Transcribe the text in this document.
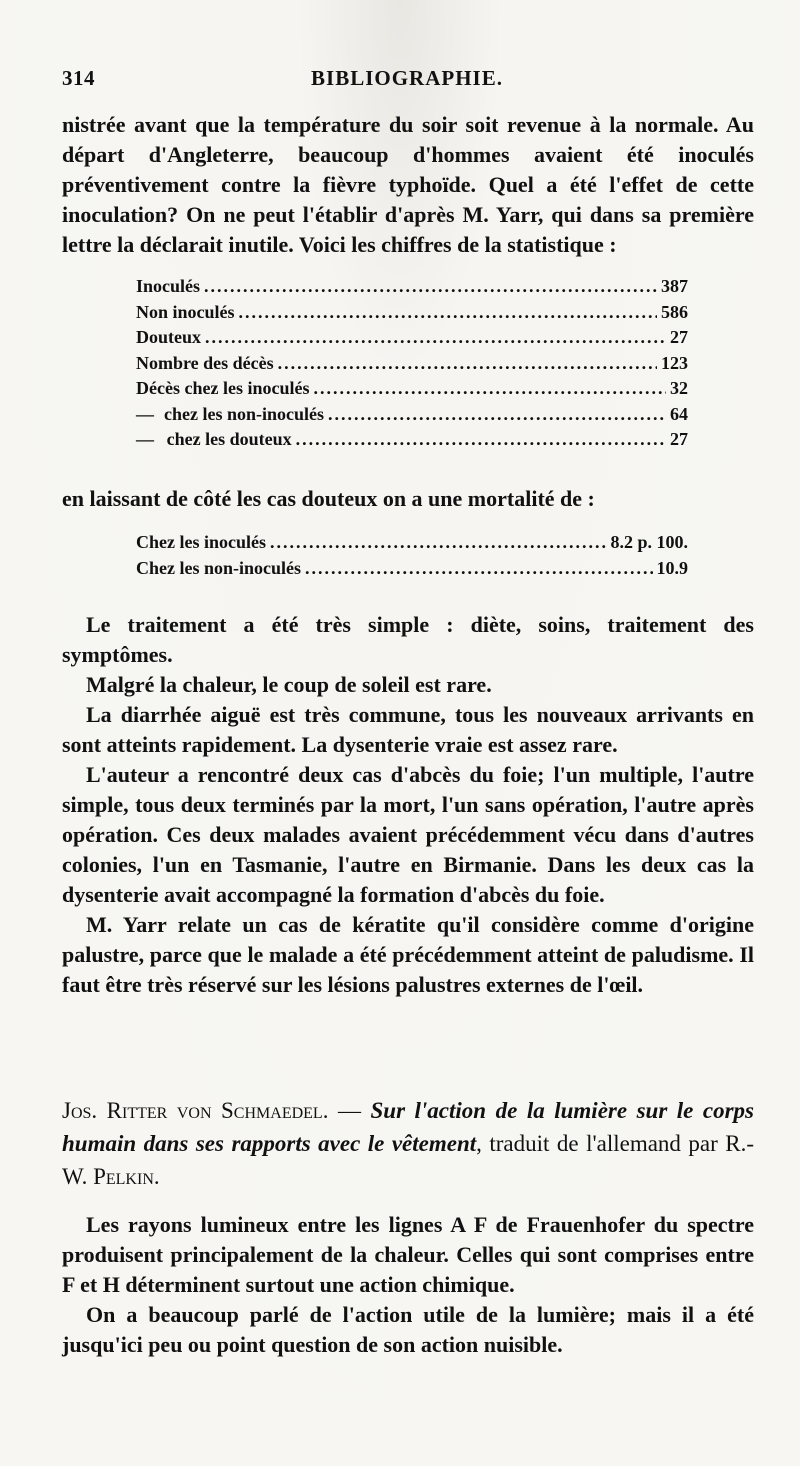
314	BIBLIOGRAPHIE.

nistrée avant que la température du soir soit revenue à la normale. Au départ d'Angleterre, beaucoup d'hommes avaient été inoculés préventivement contre la fièvre typhoïde. Quel a été l'effet de cette inoculation? On ne peut l'établir d'après M. Yarr, qui dans sa première lettre la déclarait inutile. Voici les chiffres de la statistique :

Inoculés .....	387
Non inoculés .....	586
Douteux .....	27
Nombre des décès .....	123
Décès chez les inoculés .....	32
— chez les non-inoculés .....	64
— chez les douteux .....	27

en laissant de côté les cas douteux on a une mortalité de :

Chez les inoculés .....	8.2 p. 100.
Chez les non-inoculés .....	10.9

Le traitement a été très simple : diète, soins, traitement des symptômes.

Malgré la chaleur, le coup de soleil est rare.

La diarrhée aiguë est très commune, tous les nouveaux arrivants en sont atteints rapidement. La dysenterie vraie est assez rare.

L'auteur a rencontré deux cas d'abcès du foie; l'un multiple, l'autre simple, tous deux terminés par la mort, l'un sans opération, l'autre après opération. Ces deux malades avaient précédemment vécu dans d'autres colonies, l'un en Tasmanie, l'autre en Birmanie. Dans les deux cas la dysenterie avait accompagné la formation d'abcès du foie.

M. Yarr relate un cas de kératite qu'il considère comme d'origine palustre, parce que le malade a été précédemment atteint de paludisme. Il faut être très réservé sur les lésions palustres externes de l'œil.

Jos. Ritter von Schmaedel. — Sur l'action de la lumière sur le corps humain dans ses rapports avec le vêtement, traduit de l'allemand par R.-W. Pelkin.

Les rayons lumineux entre les lignes A F de Frauenhofer du spectre produisent principalement de la chaleur. Celles qui sont comprises entre F et H déterminent surtout une action chimique.

On a beaucoup parlé de l'action utile de la lumière; mais il a été jusqu'ici peu ou point question de son action nuisible.
